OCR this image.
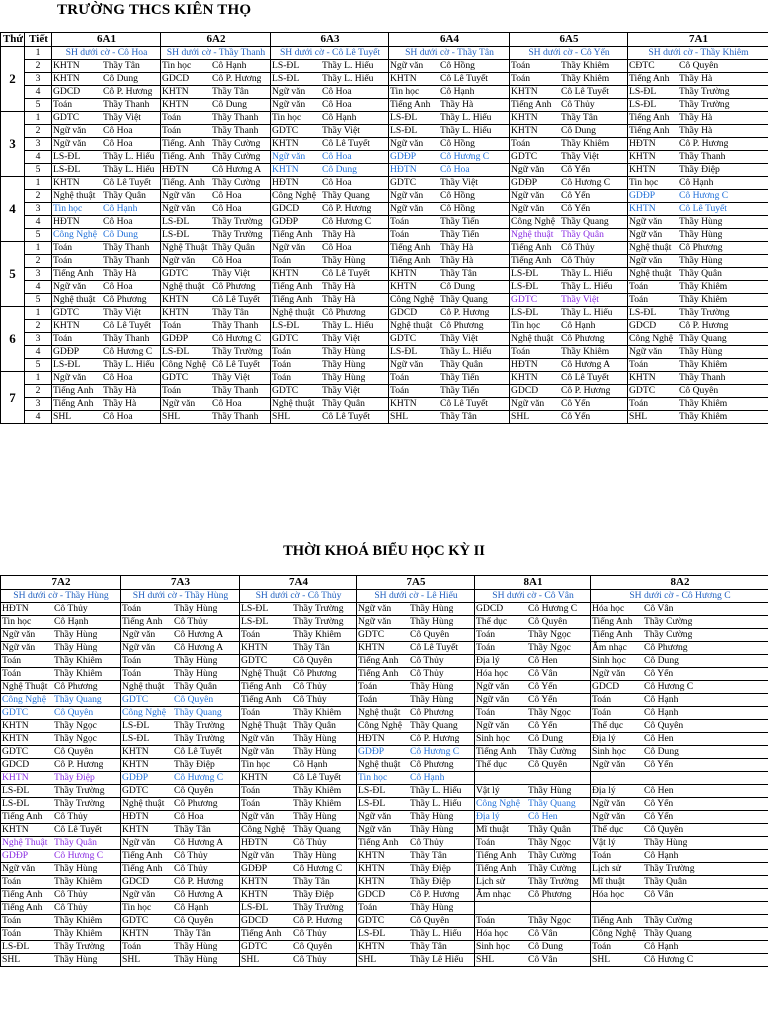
TRƯỜNG THCS KIÊN THỌ
Thứ	Tiết	6A1	6A2	6A3	6A4	6A5	7A1
2	1	SH dưới cờ - Cô Hoa	SH dưới cờ - Thầy Thanh	SH dưới cờ - Cô Lê Tuyết	SH dưới cờ - Thầy Tân	SH dưới cờ - Cô Yến	SH dưới cờ - Thầy Khiêm
	2	KHTN Thầy Tân	Tin học Cô Hạnh	LS-ĐL Thầy L. Hiếu	Ngữ văn Cô Hồng	Toán Thầy Khiêm	CĐTC Cô Quyên
	3	KHTN Cô Dung	GDCD Cô P. Hương	LS-ĐL Thầy L. Hiếu	KHTN Cô Lê Tuyết	Toán Thầy Khiêm	Tiếng Anh Thầy Hà
	4	GDCD Cô P. Hương	KHTN Thầy Tân	Ngữ văn Cô Hoa	Tin học Cô Hạnh	KHTN Cô Lê Tuyết	LS-ĐL Thầy Trường
	5	Toán Thầy Thanh	KHTN Cô Dung	Ngữ văn Cô Hoa	Tiếng Anh Thầy Hà	Tiếng Anh Cô Thủy	LS-ĐL Thầy Trường
3	1	GDTC Thầy Việt	Toán Thầy Thanh	Tin học Cô Hạnh	LS-ĐL Thầy L. Hiếu	KHTN Thầy Tân	Tiếng Anh Thầy Hà
	2	Ngữ văn Cô Hoa	Toán Thầy Thanh	GDTC Thầy Việt	LS-ĐL Thầy L. Hiếu	KHTN Cô Dung	Tiếng Anh Thầy Hà
	3	Ngữ văn Cô Hoa	Tiếng. Anh Thầy Cường	KHTN Cô Lê Tuyết	Ngữ văn Cô Hồng	Toán Thầy Khiêm	HĐTN Cô P. Hương
	4	LS-ĐL Thầy L. Hiếu	Tiếng. Anh Thầy Cường	Ngữ văn Cô Hoa	GDĐP Cô Hương C	GDTC Thầy Việt	KHTN Thầy Thanh
	5	LS-ĐL Thầy L. Hiếu	HĐTN Cô Hương A	KHTN Cô Dung	HĐTN Cô Hoa	Ngữ văn Cô Yến	KHTN Thầy Điệp
4	1	KHTN Cô Lê Tuyết	Tiếng. Anh Thầy Cường	HĐTN Cô Hoa	GDTC Thầy Việt	GDĐP Cô Hương C	Tin học Cô Hạnh
	2	Nghệ thuật Thầy Quân	Ngữ văn Cô Hoa	Công Nghệ Thầy Quang	Ngữ văn Cô Hồng	Ngữ văn Cô Yến	GDĐP Cô Hương C
	3	Tin học Cô Hạnh	Ngữ văn Cô Hoa	GDCD Cô P. Hương	Ngữ văn Cô Hồng	Ngữ văn Cô Yến	KHTN Cô Lê Tuyết
	4	HĐTN Cô Hoa	LS-ĐL Thầy Trường	GDĐP Cô Hương C	Toán Thầy Tiến	Công Nghệ Thầy Quang	Ngữ văn Thầy Hùng
	5	Công Nghệ Cô Dung	LS-ĐL Thầy Trường	Tiếng Anh Thầy Hà	Toán Thầy Tiến	Nghệ thuật Thầy Quân	Ngữ văn Thầy Hùng
5	1	Toán Thầy Thanh	Nghệ Thuật Thầy Quân	Ngữ văn Cô Hoa	Tiếng Anh Thầy Hà	Tiếng Anh Cô Thủy	Nghệ thuật Cô Phương
	2	Toán Thầy Thanh	Ngữ văn Cô Hoa	Toán Thầy Hùng	Tiếng Anh Thầy Hà	Tiếng Anh Cô Thủy	Ngữ văn Thầy Hùng
	3	Tiếng Anh Thầy Hà	GDTC Thầy Việt	KHTN Cô Lê Tuyết	KHTN Thầy Tân	LS-ĐL Thầy L. Hiếu	Nghệ thuật Thầy Quân
	4	Ngữ văn Cô Hoa	Nghệ thuật Cô Phương	Tiếng Anh Thầy Hà	KHTN Cô Dung	LS-ĐL Thầy L. Hiếu	Toán Thầy Khiêm
	5	Nghệ thuật Cô Phương	KHTN Cô Lê Tuyết	Tiếng Anh Thầy Hà	Công Nghệ Thầy Quang	GDTC Thầy Việt	Toán Thầy Khiêm
6	1	GDTC Thầy Việt	KHTN Thầy Tân	Nghệ thuật Cô Phương	GDCD Cô P. Hương	LS-ĐL Thầy L. Hiếu	LS-ĐL Thầy Trường
	2	KHTN Cô Lê Tuyết	Toán Thầy Thanh	LS-ĐL Thầy L. Hiếu	Nghệ thuật Cô Phương	Tin học Cô Hạnh	GDCD Cô P. Hương
	3	Toán Thầy Thanh	GDĐP Cô Hương C	GDTC Thầy Việt	GDTC Thầy Việt	Nghệ thuật Cô Phương	Công Nghệ Thầy Quang
	4	GDĐP Cô Hương C	LS-ĐL Thầy Trường	Toán Thầy Hùng	LS-ĐL Thầy L. Hiếu	Toán Thầy Khiêm	Ngữ văn Thầy Hùng
	5	LS-ĐL Thầy L. Hiếu	Công Nghệ Cô Lê Tuyết	Toán Thầy Hùng	Ngữ văn Thầy Quân	HĐTN Cô Hương A	Toán Thầy Khiêm
7	1	Ngữ văn Cô Hoa	GDTC Thầy Việt	Toán Thầy Hùng	Toán Thầy Tiến	KHTN Cô Lê Tuyết	KHTN Thầy Thanh
	2	Tiếng Anh Thầy Hà	Toán Thầy Thanh	GDTC Thầy Việt	Toán Thầy Tiến	GDCD Cô P. Hương	GDTC Cô Quyên
	3	Tiếng Anh Thầy Hà	Ngữ văn Cô Hoa	Nghệ thuật Thầy Quân	KHTN Cô Lê Tuyết	Ngữ văn Cô Yến	Toán Thầy Khiêm
	4	SHL Cô Hoa	SHL Thầy Thanh	SHL Cô Lê Tuyết	SHL Thầy Tân	SHL Cô Yến	SHL Thầy Khiêm
THỜI KHOÁ BIỂU HỌC KỲ II
7A2	7A3	7A4	7A5	8A1	8A2
SH dưới cờ - Thầy Hùng	SH dưới cờ - Thầy Hùng	SH dưới cờ - Cô Thủy	SH dưới cờ - Lê Hiếu	SH dưới cờ - Cô Vân	SH dưới cờ - Cô Hương C
HĐTN Cô Thủy	Toán Thầy Hùng	LS-ĐL Thầy Trường	Ngữ văn Thầy Hùng	GDCD Cô Hương C	Hóa học Cô Vân
Tin học Cô Hạnh	Tiếng Anh Cô Thủy	LS-ĐL Thầy Trường	Ngữ văn Thầy Hùng	Thể dục Cô Quyên	Tiếng Anh Thầy Cường
Ngữ văn Thầy Hùng	Ngữ văn Cô Hương A	Toán Thầy Khiêm	GDTC Cô Quyên	Toán Thầy Ngọc	Tiếng Anh Thầy Cường
Ngữ văn Thầy Hùng	Ngữ văn Cô Hương A	KHTN Thầy Tân	KHTN Cô Lê Tuyết	Toán Thầy Ngọc	Âm nhạc Cô Phương
Toán Thầy Khiêm	Toán Thầy Hùng	GDTC Cô Quyên	Tiếng Anh Cô Thủy	Địa lý Cô Hen	Sinh học Cô Dung
Toán Thầy Khiêm	Toán Thầy Hùng	Nghệ Thuật Cô Phương	Tiếng Anh Cô Thủy	Hóa học Cô Vân	Ngữ văn Cô Yến
Nghệ Thuật Cô Phương	Nghệ thuật Thầy Quân	Tiếng Anh Cô Thủy	Toán Thầy Hùng	Ngữ văn Cô Yến	GDCD Cô Hương C
Công Nghệ Thầy Quang	GDTC Cô Quyên	Tiếng Anh Cô Thủy	Toán Thầy Hùng	Ngữ văn Cô Yến	Toán Cô Hạnh
GDTC Cô Quyên	Công Nghệ Thầy Quang	Toán Thầy Khiêm	Nghệ thuật Cô Phương	Toán Thầy Ngọc	Toán Cô Hạnh
KHTN Thầy Ngọc	LS-ĐL Thầy Trường	Nghệ Thuật Thầy Quân	Công Nghệ Thầy Quang	Ngữ văn Cô Yến	Thể dục Cô Quyên
KHTN Thầy Ngọc	LS-ĐL Thầy Trường	Ngữ văn Thầy Hùng	HĐTN Cô P. Hương	Sinh học Cô Dung	Địa lý Cô Hen
GDTC Cô Quyên	KHTN Cô Lê Tuyết	Ngữ văn Thầy Hùng	GDĐP Cô Hương C	Tiếng Anh Thầy Cường	Sinh học Cô Dung
GDCD Cô P. Hương	KHTN Thầy Điệp	Tin học Cô Hạnh	Nghệ thuật Cô Phương	Thể dục Cô Quyên	Ngữ văn Cô Yến
KHTN Thầy Điệp	GDĐP Cô Hương C	KHTN Cô Lê Tuyết	Tin học Cô Hạnh		
LS-ĐL Thầy Trường	GDTC Cô Quyên	Toán Thầy Khiêm	LS-ĐL Thầy L. Hiếu	Vật lý Thầy Hùng	Địa lý Cô Hen
LS-ĐL Thầy Trường	Nghệ thuật Cô Phương	Toán Thầy Khiêm	LS-ĐL Thầy L. Hiếu	Công Nghệ Thầy Quang	Ngữ văn Cô Yến
Tiếng Anh Cô Thủy	HĐTN Cô Hoa	Ngữ văn Thầy Hùng	Ngữ văn Thầy Hùng	Địa lý Cô Hen	Ngữ văn Cô Yến
KHTN Cô Lê Tuyết	KHTN Thầy Tân	Công Nghệ Thầy Quang	Ngữ văn Thầy Hùng	Mĩ thuật Thầy Quân	Thể dục Cô Quyên
Nghệ Thuật Thầy Quân	Ngữ văn Cô Hương A	HĐTN Cô Thủy	Tiếng Anh Cô Thủy	Toán Thầy Ngọc	Vật lý Thầy Hùng
GDĐP Cô Hương C	Tiếng Anh Cô Thủy	Ngữ văn Thầy Hùng	KHTN Thầy Tân	Tiếng Anh Thầy Cường	Toán Cô Hạnh
Ngữ văn Thầy Hùng	Tiếng Anh Cô Thủy	GDĐP Cô Hương C	KHTN Thầy Điệp	Tiếng Anh Thầy Cường	Lịch sử Thầy Trường
Toán Thầy Khiêm	GDCD Cô P. Hương	KHTN Thầy Tân	KHTN Thầy Điệp	Lịch sử Thầy Trường	Mĩ thuật Thầy Quân
Tiếng Anh Cô Thủy	Ngữ văn Cô Hương A	KHTN Thầy Điệp	GDCD Cô P. Hương	Âm nhạc Cô Phương	Hóa học Cô Vân
Tiếng Anh Cô Thủy	Tin học Cô Hạnh	LS-ĐL Thầy Trường	Toán Thầy Hùng		
Toán Thầy Khiêm	GDTC Cô Quyên	GDCD Cô P. Hương	GDTC Cô Quyên	Toán Thầy Ngọc	Tiếng Anh Thầy Cường
Toán Thầy Khiêm	KHTN Thầy Tân	Tiếng Anh Cô Thủy	LS-ĐL Thầy L. Hiếu	Hóa học Cô Vân	Công Nghệ Thầy Quang
LS-ĐL Thầy Trường	Toán Thầy Hùng	GDTC Cô Quyên	KHTN Thầy Tân	Sinh học Cô Dung	Toán Cô Hạnh
SHL Thầy Hùng	SHL Thầy Hùng	SHL Cô Thủy	SHL Thầy Lê Hiếu	SHL Cô Vân	SHL Cô Hương C
